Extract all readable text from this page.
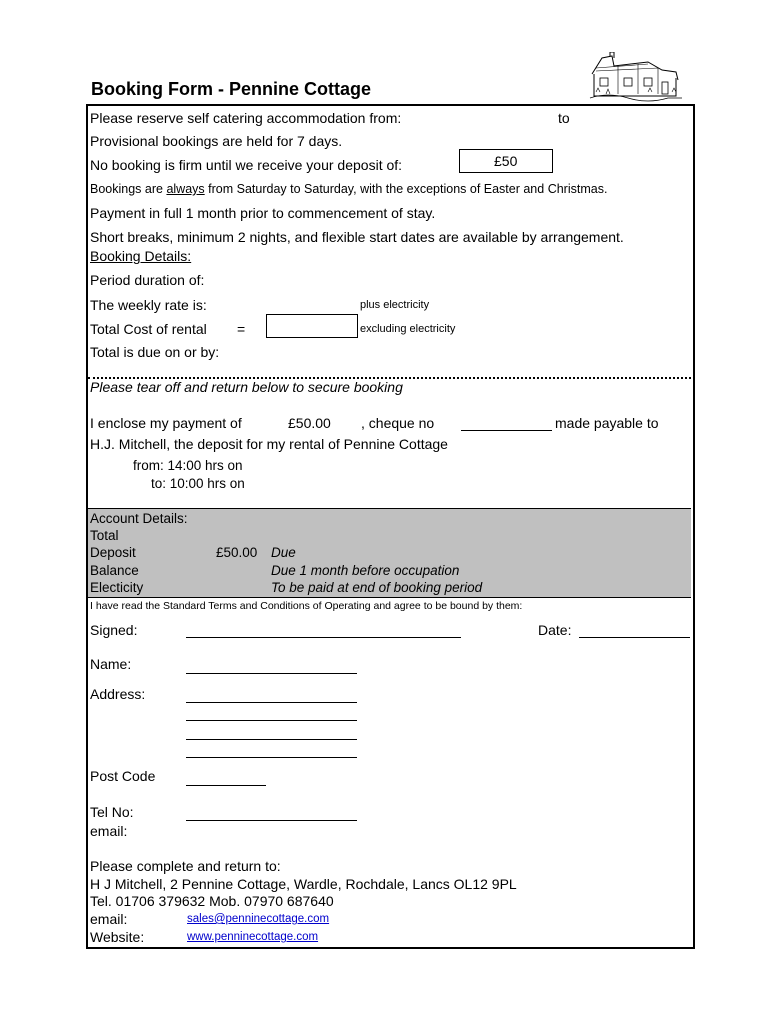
Booking Form - Pennine Cottage
Please reserve self catering accommodation from:	to
Provisional bookings are held for 7 days.
No booking is firm until we receive your deposit of:	£50
Bookings are always from Saturday to Saturday, with the exceptions of Easter and Christmas.
Payment in full 1 month prior to commencement of stay.
Short breaks, minimum 2 nights, and flexible start dates are available by arrangement.
Booking Details:
Period duration of:
The weekly rate is:	plus electricity
Total Cost of rental =	excluding electricity
Total is due on or by:
Please tear off and return below to secure booking
I enclose my payment of	£50.00 , cheque no	made payable to
H.J. Mitchell, the deposit for my rental of Pennine Cottage
from: 14:00 hrs on
to: 10:00 hrs on
Account Details:
Total
Deposit	£50.00 Due
Balance	Due 1 month before occupation
Electicity	To be paid at end of booking period
I have read the Standard Terms and Conditions of Operating and agree to be bound by them:
Signed:	Date:
Name:
Address:
Post Code
Tel No:
email:
Please complete and return to:
H J Mitchell, 2 Pennine Cottage, Wardle, Rochdale, Lancs OL12 9PL
Tel. 01706 379632 Mob. 07970 687640
email:	sales@penninecottage.com
Website:	www.penninecottage.com
